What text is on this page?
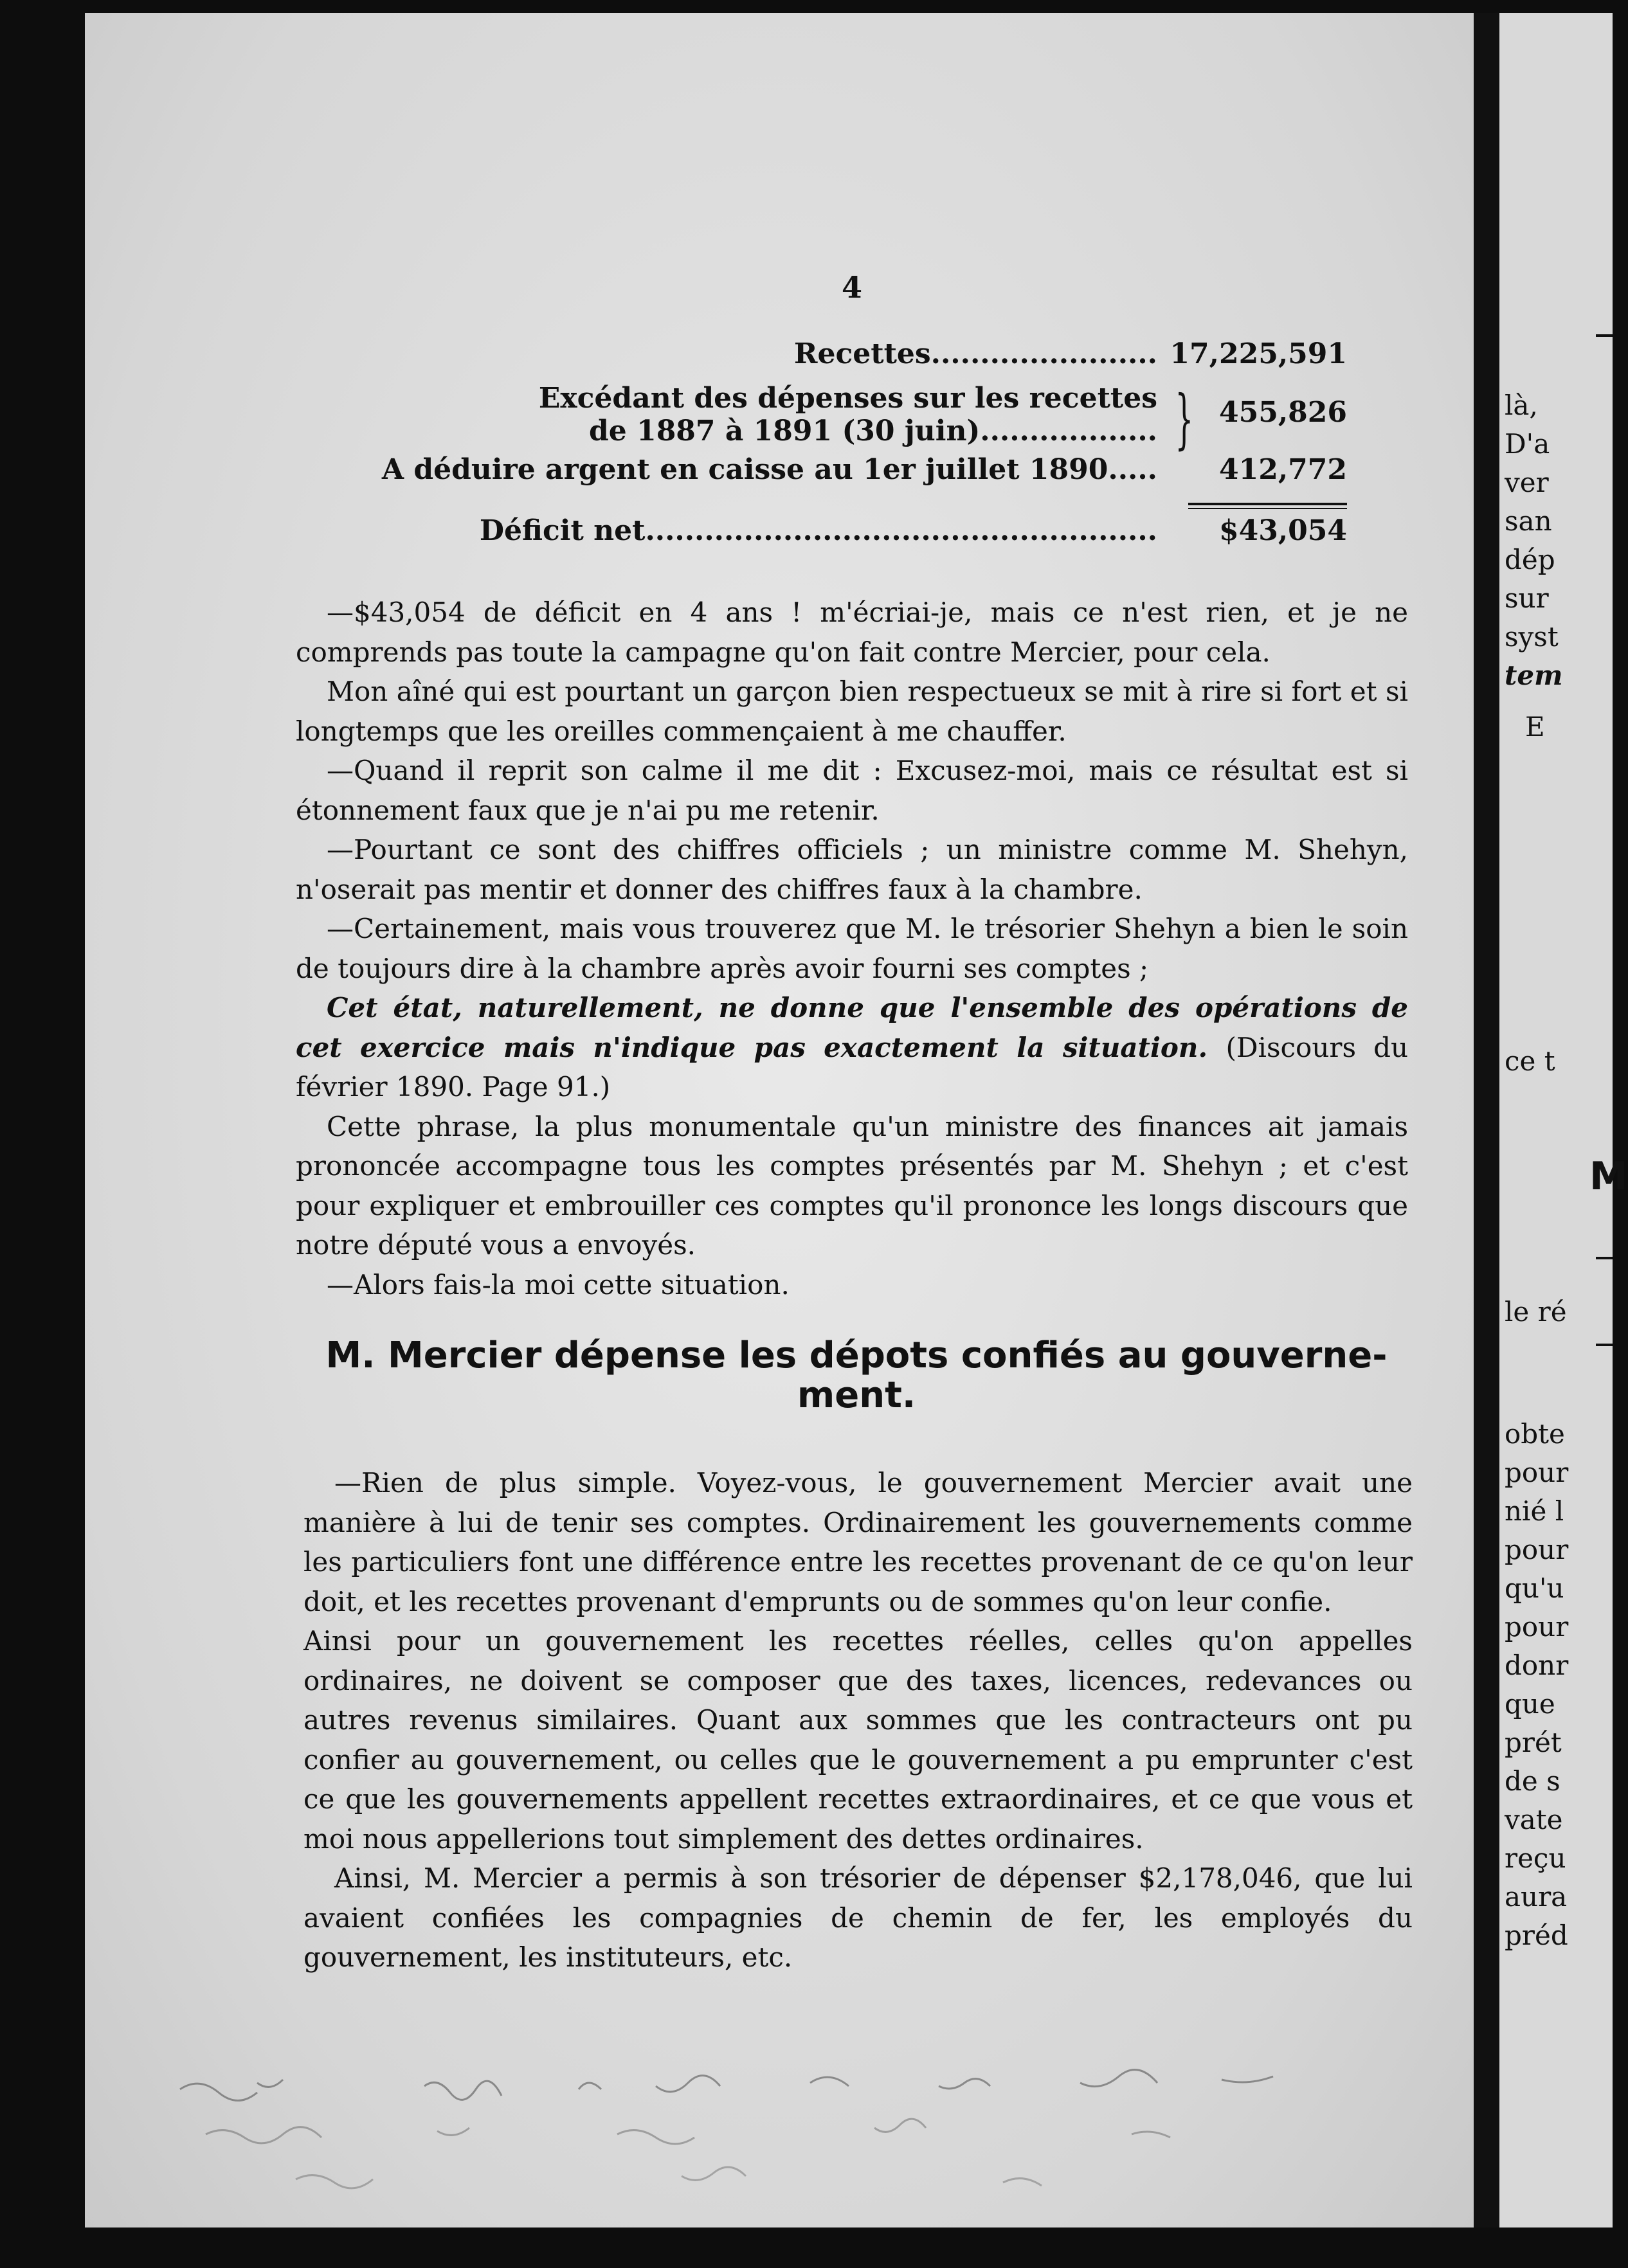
là,
D'a
ver
san
dép
sur
syst
tem
E
ce t
M
le ré
obte
pour
nié l
pour
qu'u
pour
donr
que
prét
de s
vate
reçu
aura
préd
4
Recettes....................... 17,225,591
Excédant des dépenses sur les recettes
de 1887 à 1891 (30 juin).................. } 455,826
A déduire argent en caisse au 1er juillet 1890..... 412,772
Déficit net.................................................... $43,054

—$43,054 de déficit en 4 ans ! m'écriai-je, mais ce n'est rien, et je ne comprends pas toute la campagne qu'on fait contre Mercier, pour cela.

Mon aîné qui est pourtant un garçon bien respectueux se mit à rire si fort et si longtemps que les oreilles commençaient à me chauffer.

—Quand il reprit son calme il me dit : Excusez-moi, mais ce résultat est si étonnement faux que je n'ai pu me retenir.

—Pourtant ce sont des chiffres officiels ; un ministre comme M. Shehyn, n'oserait pas mentir et donner des chiffres faux à la chambre.

—Certainement, mais vous trouverez que M. le trésorier Shehyn a bien le soin de toujours dire à la chambre après avoir fourni ses comptes ;

Cet état, naturellement, ne donne que l'ensemble des opérations de cet exercice mais n'indique pas exactement la situation. (Discours du février 1890. Page 91.)

Cette phrase, la plus monumentale qu'un ministre des finances ait jamais prononcée accompagne tous les comptes présentés par M. Shehyn ; et c'est pour expliquer et embrouiller ces comptes qu'il prononce les longs discours que notre député vous a envoyés.

—Alors fais-la moi cette situation.

M. Mercier dépense les dépots confiés au gouverne-
ment.

—Rien de plus simple. Voyez-vous, le gouvernement Mercier avait une manière à lui de tenir ses comptes. Ordinairement les gouvernements comme les particuliers font une différence entre les recettes provenant de ce qu'on leur doit, et les recettes provenant d'emprunts ou de sommes qu'on leur confie.

Ainsi pour un gouvernement les recettes réelles, celles qu'on appelles ordinaires, ne doivent se composer que des taxes, licences, redevances ou autres revenus similaires. Quant aux sommes que les contracteurs ont pu confier au gouvernement, ou celles que le gouvernement a pu emprunter c'est ce que les gouvernements appellent recettes extraordinaires, et ce que vous et moi nous appellerions tout simplement des dettes ordinaires.

Ainsi, M. Mercier a permis à son trésorier de dépenser $2,178,046, que lui avaient confiées les compagnies de chemin de fer, les employés du gouvernement, les instituteurs, etc.
